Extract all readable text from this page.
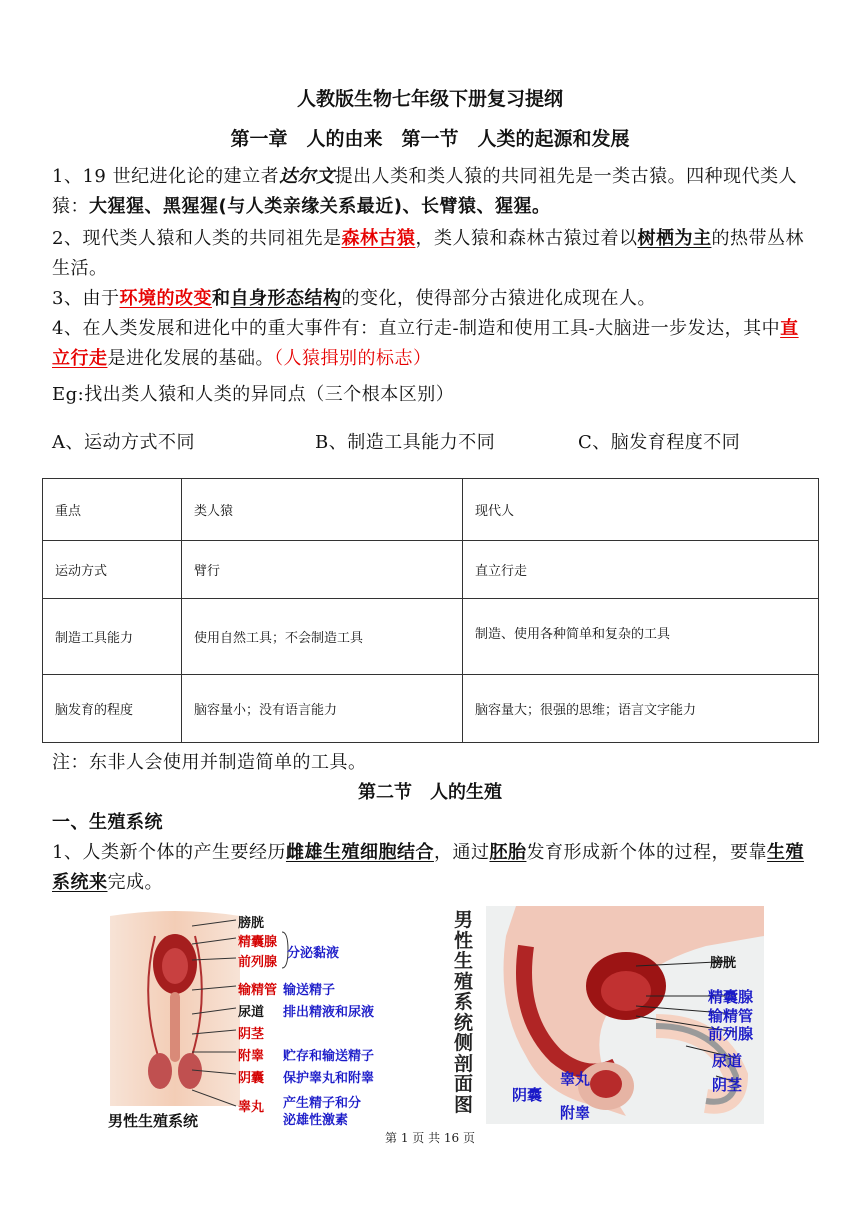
人教版生物七年级下册复习提纲
第一章　人的由来　第一节　人类的起源和发展
1、19 世纪进化论的建立者达尔文提出人类和类人猿的共同祖先是一类古猿。四种现代类人猿：大猩猩、黑猩猩(与人类亲缘关系最近)、长臂猿、猩猩。
2、现代类人猿和人类的共同祖先是森林古猿，类人猿和森林古猿过着以树栖为主的热带丛林生活。
3、由于环境的改变和自身形态结构的变化，使得部分古猿进化成现在人。
4、在人类发展和进化中的重大事件有：直立行走-制造和使用工具-大脑进一步发达，其中直立行走是进化发展的基础。（人猿揖别的标志）
Eg:找出类人猿和人类的异同点（三个根本区别）
A、运动方式不同	B、制造工具能力不同	C、脑发育程度不同
重点	类人猿	现代人
运动方式	臂行	直立行走
制造工具能力	使用自然工具；不会制造工具	制造、使用各种简单和复杂的工具
脑发育的程度	脑容量小；没有语言能力	脑容量大；很强的思维；语言文字能力
注：东非人会使用并制造简单的工具。
第二节　人的生殖
一、生殖系统
1、人类新个体的产生要经历雌雄生殖细胞结合，通过胚胎发育形成新个体的过程，要靠生殖系统来完成。
男性生殖系统
膀胱
精囊腺
前列腺
输精管
尿道
阴茎
附睾
阴囊
睾丸
分泌黏液
输送精子
排出精液和尿液
贮存和输送精子
保护睾丸和附睾
产生精子和分
泌雄性激素
男
性
生
殖
系
统
侧
剖
面
图
膀胱
精囊腺
输精管
前列腺
尿道
阴茎
睾丸
阴囊
附睾
第 1 页 共 16 页
